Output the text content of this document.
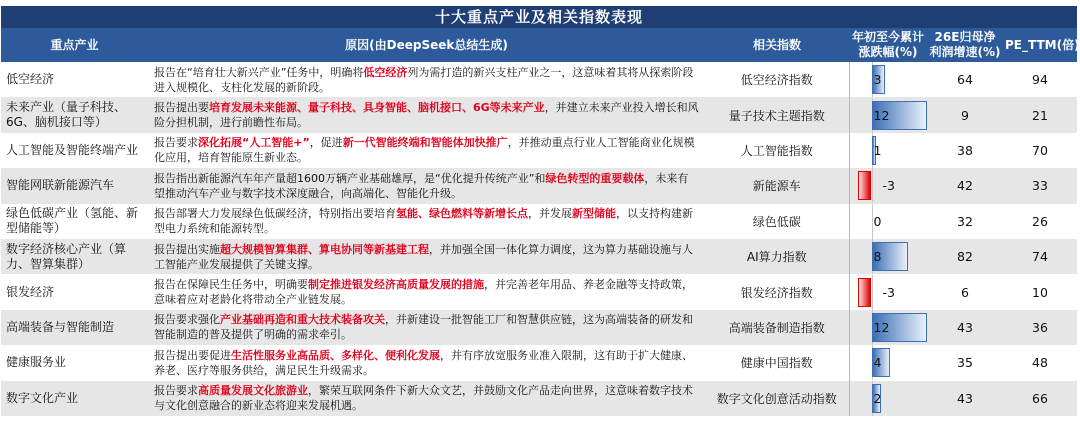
十大重点产业及相关指数表现
重点产业	原因(由DeepSeek总结生成)	相关指数	年初至今累计涨跌幅(%)	26E归母净利润增速(%)	PE_TTM(倍)
低空经济	报告在“培育壮大新兴产业”任务中，明确将低空经济列为需打造的新兴支柱产业之一，这意味着其将从探索阶段进入规模化、支柱化发展的新阶段。	低空经济指数	3	64	94
未来产业（量子科技、6G、脑机接口等）	报告提出要培育发展未来能源、量子科技、具身智能、脑机接口、6G等未来产业，并建立未来产业投入增长和风险分担机制，进行前瞻性布局。	量子技术主题指数	12	9	21
人工智能及智能终端产业	报告要求深化拓展“人工智能+”，促进新一代智能终端和智能体加快推广，并推动重点行业人工智能商业化规模化应用，培育智能原生新业态。	人工智能指数	1	38	70
智能网联新能源汽车	报告指出新能源汽车年产量超1600万辆产业基础雄厚，是“优化提升传统产业”和绿色转型的重要载体，未来有望推动汽车产业与数字技术深度融合，向高端化、智能化升级。	新能源车	-3	42	33
绿色低碳产业（氢能、新型储能等）	报告部署大力发展绿色低碳经济，特别指出要培育氢能、绿色燃料等新增长点，并发展新型储能，以支持构建新型电力系统和能源转型。	绿色低碳	0	32	26
数字经济核心产业（算力、智算集群）	报告提出实施超大规模智算集群、算电协同等新基建工程，并加强全国一体化算力调度，这为算力基础设施与人工智能产业发展提供了关键支撑。	AI算力指数	8	82	74
银发经济	报告在保障民生任务中，明确要制定推进银发经济高质量发展的措施，并完善老年用品、养老金融等支持政策，意味着应对老龄化将带动全产业链发展。	银发经济指数	-3	6	10
高端装备与智能制造	报告要求强化产业基础再造和重大技术装备攻关，并新建设一批智能工厂和智慧供应链，这为高端装备的研发和智能制造的普及提供了明确的需求牵引。	高端装备制造指数	12	43	36
健康服务业	报告提出要促进生活性服务业高品质、多样化、便利化发展，并有序放宽服务业准入限制，这有助于扩大健康、养老、医疗等服务供给，满足民生升级需求。	健康中国指数	4	35	48
数字文化产业	报告要求高质量发展文化旅游业，繁荣互联网条件下新大众文艺，并鼓励文化产品走向世界，这意味着数字技术与文化创意融合的新业态将迎来发展机遇。	数字文化创意活动指数	2	43	66
